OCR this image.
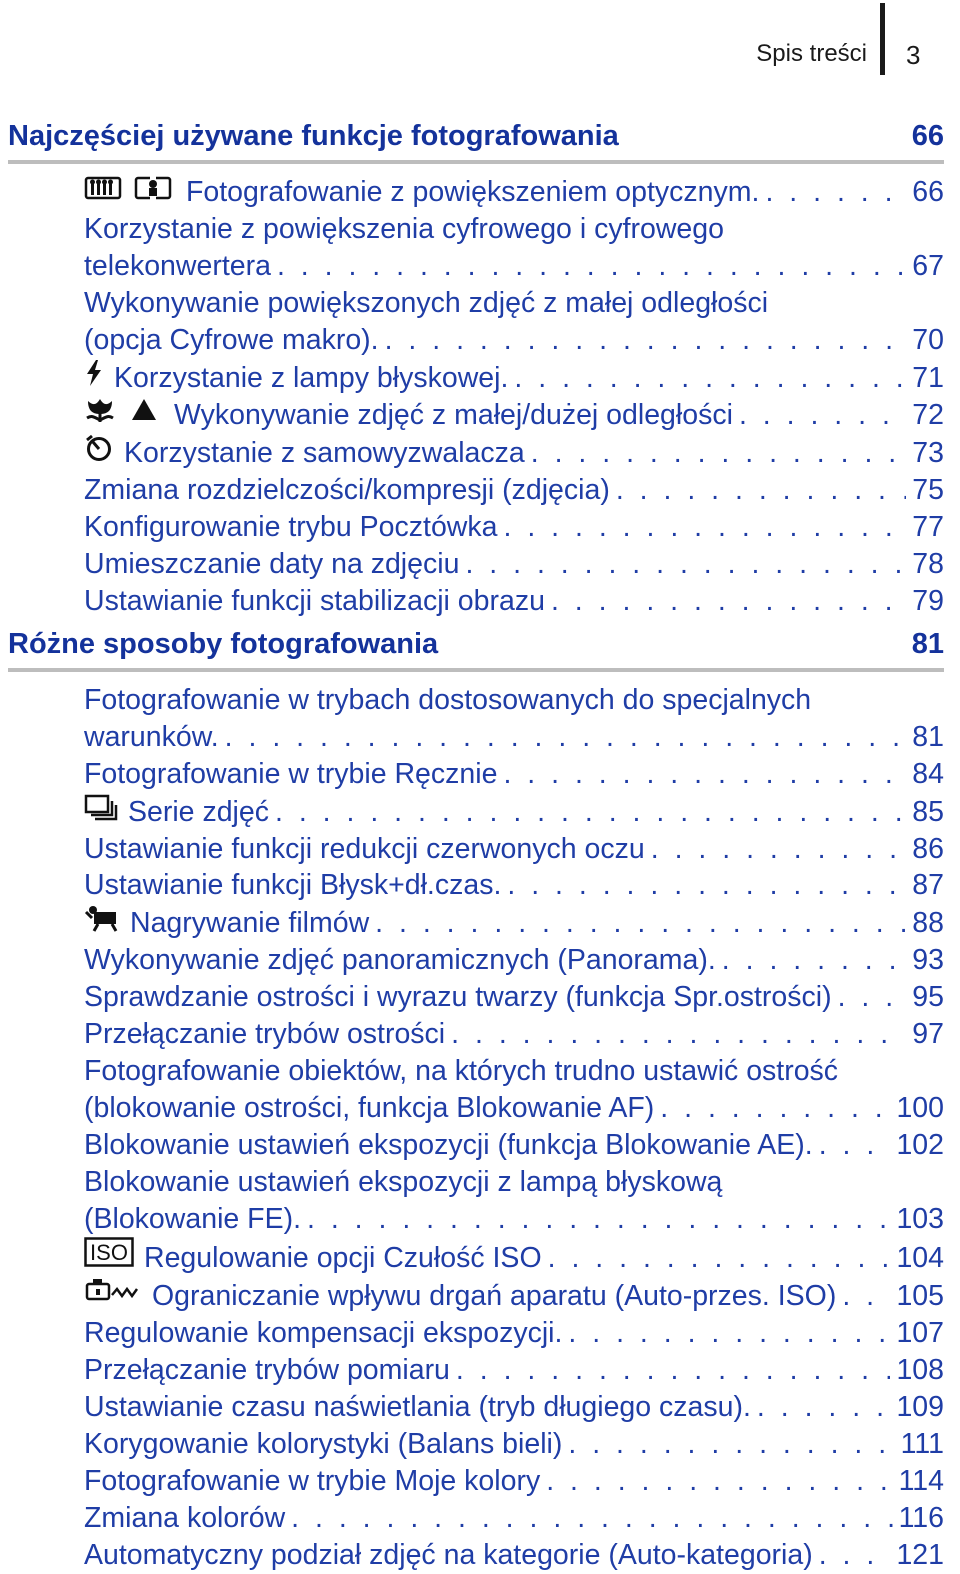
Spis treści 3
Najczęściej używane funkcje fotografowania	66
Fotografowanie z powiększeniem optycznym. . . .	66
Korzystanie z powiększenia cyfrowego i cyfrowego
telekonwertera . . .	67
Wykonywanie powiększonych zdjęć z małej odległości
(opcja Cyfrowe makro). . . .	70
Korzystanie z lampy błyskowej. . . .	71
Wykonywanie zdjęć z małej/dużej odległości . . .	72
Korzystanie z samowyzwalacza . . .	73
Zmiana rozdzielczości/kompresji (zdjęcia) . . .	75
Konfigurowanie trybu Pocztówka . . .	77
Umieszczanie daty na zdjęciu . . .	78
Ustawianie funkcji stabilizacji obrazu . . .	79
Różne sposoby fotografowania	81
Fotografowanie w trybach dostosowanych do specjalnych
warunków. . . .	81
Fotografowanie w trybie Ręcznie . . .	84
Serie zdjęć . . .	85
Ustawianie funkcji redukcji czerwonych oczu . . .	86
Ustawianie funkcji Błysk+dł.czas. . . .	87
Nagrywanie filmów . . .	88
Wykonywanie zdjęć panoramicznych (Panorama). . . .	93
Sprawdzanie ostrości i wyrazu twarzy (funkcja Spr.ostrości) . . .	95
Przełączanie trybów ostrości . . .	97
Fotografowanie obiektów, na których trudno ustawić ostrość
(blokowanie ostrości, funkcja Blokowanie AF) . . .	100
Blokowanie ustawień ekspozycji (funkcja Blokowanie AE). . . .	102
Blokowanie ustawień ekspozycji z lampą błyskową
(Blokowanie FE). . . .	103
ISO Regulowanie opcji Czułość ISO . . .	104
Ograniczanie wpływu drgań aparatu (Auto-przes. ISO) . . . 105
Regulowanie kompensacji ekspozycji. . . .	107
Przełączanie trybów pomiaru . . .	108
Ustawianie czasu naświetlania (tryb długiego czasu). . . .	109
Korygowanie kolorystyki (Balans bieli) . . .	111
Fotografowanie w trybie Moje kolory . . .	114
Zmiana kolorów . . .	116
Automatyczny podział zdjęć na kategorie (Auto-kategoria) . . .	121
